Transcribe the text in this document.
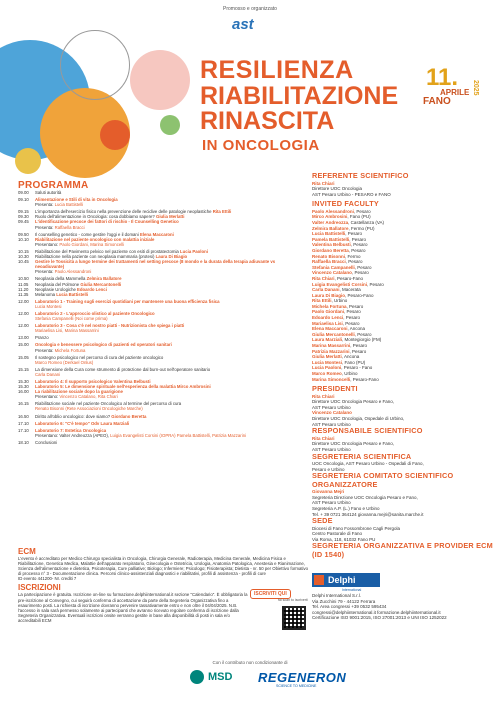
Promosso e organizzato
ast
RESILIENZA
RIABILITAZIONE
RINASCITA
IN ONCOLOGIA
11.
APRILE
FANO
2025
PROGRAMMA
09.00	Saluti autorità
09.10	Alimentazione e Stili di vita in Oncologia
Presenta: Lucia Battistelli
09.15	L'importanza dell'esercizio fisico nella prevenzione delle recidive delle patologie neoplastiche Rita Ettili
09.30	Ruolo dell'alimentazione in Oncologia: cosa dobbiamo sapere? Giulia Merlatti
09.45	L'identificazione precoce dei fattori di rischio - Il Counselling Genetico
Presenta: Raffaella Bracci
09.50	Il counselling genetico - come gestire l'oggi e il domani Elena Maccaroni
10.10	Riabilitazione nel paziente oncologico con malattia iniziale
Presentano: Paolo Giordani, Marina Simoncelli
10.15	Riabilitazione del Pavimento pelvico nel paziente con esiti di prostatectomia Lucia Paoloni
10.30	Riabilitazione nella paziente con neoplasia mammaria (protesi) Laura Di Biagio
10.45	Gestire le Tossicità a lungo termine dei trattamenti nel setting precoce (8 mondo e la durata della terapia adiuvante vs neoadiuvante)
Presenta: Paolo Alessandroni
10.50	Neoplasia della Mammella Zelmira Ballatore
11.05	Neoplasia del Polmone Giulia Mercantonelli
11.20	Neoplasie Urologiche Edoardo Lenci
11.35	Melanoma Lucia Battistelli
12.00	Laboratorio 1 - Training sugli esercizi quotidiani per mantenere una buona efficienza fisica
Lucia Montesi
12.00	Laboratorio 2 - L'approccio olistico al paziente Oncologico
Stefania Campanelli (Noi come prima)
12.00	Laboratorio 3 - Cosa c'è nel nostro piatti - Nutrizionista che spiega i piatti
Mariaelisa Lisi, Marina Massarrini
13.00	Pranzo
15.00	Oncologia e benessere psicologico di pazienti ed operatori sanitari
Presenta: Michela Fortuna
15.05	Il sostegno psicologico nel percorso di cura del paziente oncologico
Marco Romeo (Derkael Onlus)
15.15	La dimensione della Cura come strumento di protezione dal burn-out nell'operatore sanitario
Carla Danani
15.30	Laboratorio 4: Il supporto psicologico Valentina Belbusti
15.30	Laboratorio 5: Le dimensione spirituale nell'esperienza della malattia Mirco Ambrosini
16.00	La riabilitazione sociale dopo la guarigione
Presentano: Vincenzo Catalano, Rita Chiari
16.15	Riabilitazione sociale nel paziente Oncologico al termine del percorso di cura
Renato Bisonni (Rete Associazioni Oncologiche Marche)
16.50	Diritto all'oblio oncologico: dove siamo? Giordano Beretta
17.10	Laboratorio 6: "C'è tempo" Odv Laura Marziali
17.10	Laboratorio 7: Estetica Oncologica
Presentano: Valter Andreozza (APEO), Luigia Evangelisti Corsini (IOPRA) Pamela Battistelli, Patrizia Mazzarini
18.10	Conclusioni
REFERENTE SCIENTIFICO
Rita Chiari
Direttore UOC Oncologia
AST Pesaro Urbino - PESARO e FANO
INVITED FACULTY
Paolo Alessandroni, Pesaro
Mirco Ambrosini, Fano (PU)
Valter Andreozza, Castellanza (VA)
Zelmira Ballatore, Fermo (PU)
Lucia Battistelli, Pesaro
Pamela Battistelli, Pesaro
Valentina Belbusti, Pesaro
Giordano Beretta, Pesaro
Renato Bisonni, Fermo
Raffaella Bracci, Pesaro
Stefania Campanelli, Pesaro
Vincenzo Catalano, Pesaro
Rita Chiari, Pesaro-Fano
Luigia Evangelisti Corsini, Pesaro
Carla Danani, Macerata
Laura Di Biagio, Pesaro-Fano
Rita Ettili, Urbino
Michela Fortuna, Pesaro
Paolo Giordani, Pesaro
Edoardo Lenci, Pesaro
Mariaelisa Lisi, Pesaro
Elena Maccaroni, Ancona
Giulia Mercantonelli, Pesaro
Laura Marziali, Montegiorgio (FM)
Marina Massarrini, Pesaro
Patrizia Mazzarini, Pesaro
Giulia Merlatti, Ancona
Lucia Montesi, Fano (PU)
Lucia Paoloni, Pesaro - Fano
Marco Romeo, Urbino
Marina Simoncelli, Pesaro-Fano
PRESIDENTI
Rita Chiari
Direttore UOC Oncologia Pesaro e Fano,
AST Pesaro Urbino
Vincenzo Catalano
Direttore UOC Oncologia, Ospedale di Urbino,
AST Pesaro Urbino
RESPONSABILE SCIENTIFICO
Rita Chiari
Direttore UOC Oncologia Pesaro e Fano,
AST Pesaro Urbino
SEGRETERIA SCIENTIFICA
UOC Oncologia, AST Pesaro Urbino - Ospedali di Fano,
Pesaro e Urbino
SEGRETERIA COMITATO SCIENTIFICO
ORGANIZZATORE
Giovanna Mejri
Segreteria Direzione UOC Oncologia Pesaro e Fano,
AST Pesaro Urbino
Segreteria A.P. (L.) Fano e Urbino
Tel. + 39 0721 364124 giovanna.mejri@sanita.marche.it
SEDE
Diocesi di Fano Fossombrone Cagli Pergola
Centro Pastorale di Fano
Via Roma, 118, 61032 Fano PU
SEGRETERIA ORGANIZZATIVA E PROVIDER ECM
(ID 1540)
Delphi
International
Delphi International S.r.l.
Via Zucchini 79 - 44122 Ferrara
Tel. Area congressi +39 0532 595434
congressi@delphiinternational.it formazione.delphiinternational.it
Certificazione ISO 9001:2015, ISO 27001:2013 e UNI ISO 1252022
ECM
L'evento è accreditato per Medico Chirurgo specialista in Oncologia, Chirurgia Generale, Radioterapia, Medicina Generale, Medicina Fisica e Riabilitazione, Genetica Medica, Malattie dell'apparato respiratorio, Ginecologia e Ostetricia, Urologia, Anatomia Patologica, Anestesia e Rianimazione, Scienza dell'alimentazione e dietetica, Psicoterapia, Cure palliative; Biologo; Infermiere; Psicologo; Fisioterapista; Dietista - nr. 50 per Obiettivo formativo di processo n° 3 - Documentazione clinica. Percorsi clinico-assistenziali diagnostici e riabilitativi, profili di assistenza - profili di cure
ID evento 441200- Nr. crediti 7
ISCRIZIONI
La partecipazione è gratuita. Iscrizione on-line su formazione.delphiinternational.it sezione "Calendario". È obbligatoria la pre-iscrizione al Convegno, cui seguirà conferma di accettazione da parte della Segreteria Organizzativa fino a esaurimento posti. La richiesta di iscrizione dovranno pervenire tassativamente entro e non oltre il 04/04/2025. N.B. l'accesso in sala sarà permesso solamente ai partecipanti che avranno ricevuto regolare conferma di iscrizione dalla Segreteria Organizzativa. Eventuali iscrizioni onsite verranno gestite in base alla disponibilità di posti in sala e/o accreditabili ECM
ISCRIVITI QUI
fai scan to iscriverti
Con il contributo non condizionante di
MSD REGENERON
SCIENCE TO MEDICINE
